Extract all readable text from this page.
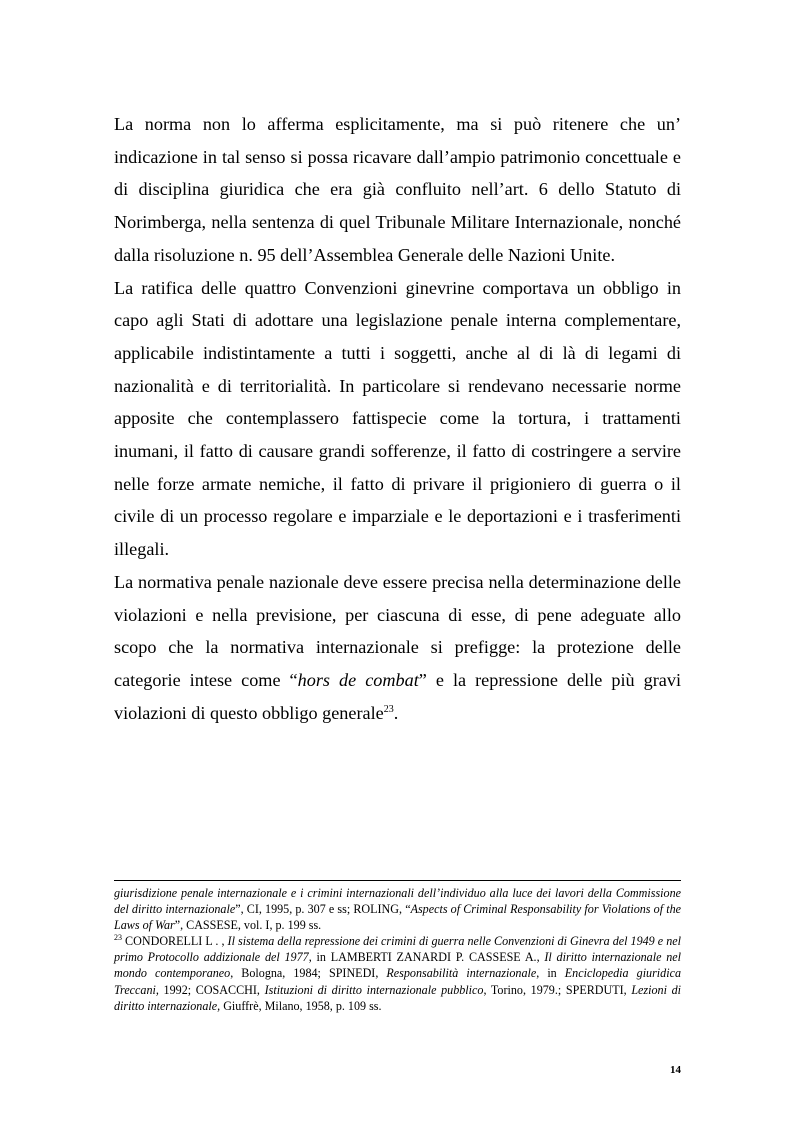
La norma non lo afferma esplicitamente, ma si può ritenere che un’ indicazione in tal senso si possa ricavare dall’ampio patrimonio concettuale e di disciplina giuridica che era già confluito nell’art. 6 dello Statuto di Norimberga, nella sentenza di quel Tribunale Militare Internazionale, nonché dalla risoluzione n. 95 dell’Assemblea Generale delle Nazioni Unite.

La ratifica delle quattro Convenzioni ginevrine comportava un obbligo in capo agli Stati di adottare una legislazione penale interna complementare, applicabile indistintamente a tutti i soggetti, anche al di là di legami di nazionalità e di territorialità. In particolare si rendevano necessarie norme apposite che contemplassero fattispecie come la tortura, i trattamenti inumani, il fatto di causare grandi sofferenze, il fatto di costringere a servire nelle forze armate nemiche, il fatto di privare il prigioniero di guerra o il civile di un processo regolare e imparziale e le deportazioni e i trasferimenti illegali.

La normativa penale nazionale deve essere precisa nella determinazione delle violazioni e nella previsione, per ciascuna di esse, di pene adeguate allo scopo che la normativa internazionale si prefigge: la protezione delle categorie intese come “hors de combat” e la repressione delle più gravi violazioni di questo obbligo generale$^{23}$.

giurisdizione penale internazionale e i crimini internazionali dell’individuo alla luce dei lavori della Commissione del diritto internazionale”, CI, 1995, p. 307 e ss; ROLING, “Aspects of Criminal Responsability for Violations of the Laws of War”, CASSESE, vol. I, p. 199 ss.

$^{23}$ CONDORELLI L . , Il sistema della repressione dei crimini di guerra nelle Convenzioni di Ginevra del 1949 e nel primo Protocollo addizionale del 1977, in LAMBERTI ZANARDI P. CASSESE A., Il diritto internazionale nel mondo contemporaneo, Bologna, 1984; SPINEDI, Responsabilità internazionale, in Enciclopedia giuridica Treccani, 1992; COSACCHI, Istituzioni di diritto internazionale pubblico, Torino, 1979.; SPERDUTI, Lezioni di diritto internazionale, Giuffrè, Milano, 1958, p. 109 ss.

14
